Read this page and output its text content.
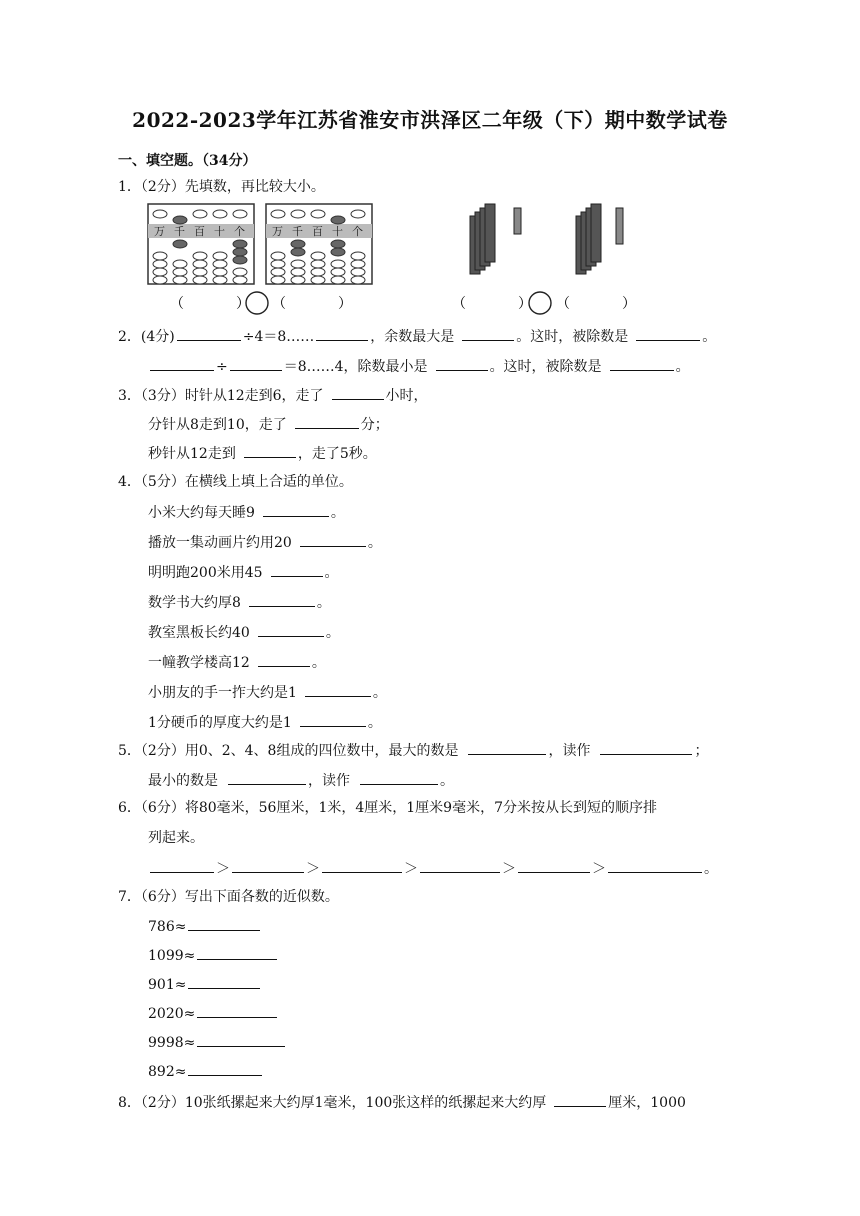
2022-2023学年江苏省淮安市洪泽区二年级（下）期中数学试卷
一、填空题。（34分）
1．（2分）先填数，再比较大小。
万 千 百 十 个 万 千 百 十 个
（	） （	）	（	） （	）
2．(4分)	÷4＝8……	，余数最大是	。这时，被除数是	。
÷	＝8……4，除数最小是	。这时，被除数是	。
3．（3分）时针从12走到6，走了	小时，
分针从8走到10，走了	分；
秒针从12走到	，走了5秒。
4．（5分）在横线上填上合适的单位。
小米大约每天睡9	。
播放一集动画片约用20	。
明明跑200米用45	。
数学书大约厚8	。
教室黑板长约40	。
一幢教学楼高12	。
小朋友的手一拃大约是1	。
1分硬币的厚度大约是1	。
5．（2分）用0、2、4、8组成的四位数中，最大的数是	，读作	；
最小的数是	，读作	。
6．（6分）将80毫米，56厘米，1米，4厘米，1厘米9毫米，7分米按从长到短的顺序排
列起来。
＞	＞	＞	＞	＞	。
7．（6分）写出下面各数的近似数。
786≈
1099≈
901≈
2020≈
9998≈
892≈
8．（2分）10张纸摞起来大约厚1毫米，100张这样的纸摞起来大约厚	厘米，1000
